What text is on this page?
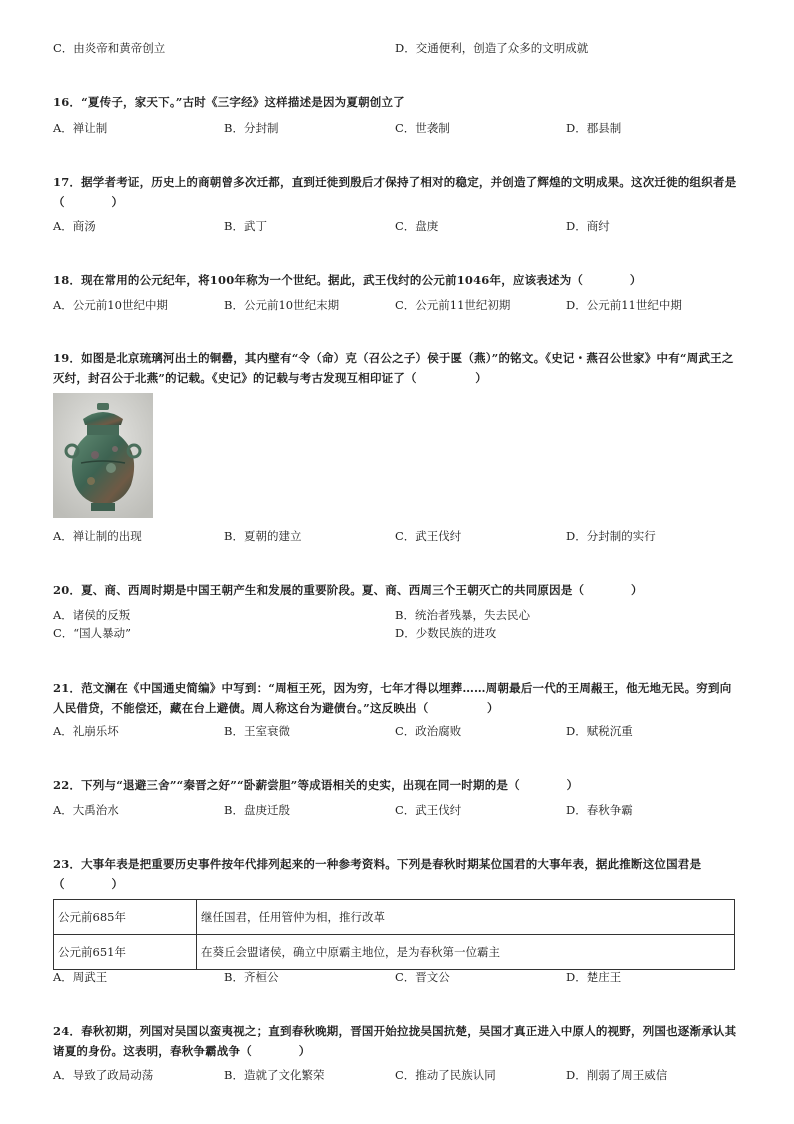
C．由炎帝和黄帝创立	D．交通便利，创造了众多的文明成就
16．“夏传子，家天下。”古时《三字经》这样描述是因为夏朝创立了
A．禅让制	B．分封制	C．世袭制	D．郡县制
17．据学者考证，历史上的商朝曾多次迁都，直到迁徙到殷后才保持了相对的稳定，并创造了辉煌的文明成果。这次迁徙的组织者是（　　　　）
A．商汤	B．武丁	C．盘庚	D．商纣
18．现在常用的公元纪年，将100年称为一个世纪。据此，武王伐纣的公元前1046年，应该表述为（　　　　）
A．公元前10世纪中期	B．公元前10世纪末期	C．公元前11世纪初期	D．公元前11世纪中期
19．如图是北京琉璃河出土的铜罍，其内壁有“令（命）克（召公之子）侯于匽（燕）”的铭文。《史记・燕召公世家》中有“周武王之灭纣，封召公于北燕”的记载。《史记》的记载与考古发现互相印证了（　　　　　）
A．禅让制的出现	B．夏朝的建立	C．武王伐纣	D．分封制的实行
20．夏、商、西周时期是中国王朝产生和发展的重要阶段。夏、商、西周三个王朝灭亡的共同原因是（　　　　）
A．诸侯的反叛	B．统治者残暴，失去民心
C．“国人暴动”	D．少数民族的进攻
21．范文澜在《中国通史简编》中写到：“周桓王死，因为穷，七年才得以埋葬……周朝最后一代的王周赧王，他无地无民。穷到向人民借贷，不能偿还，藏在台上避债。周人称这台为避债台。”这反映出（　　　　　）
A．礼崩乐坏	B．王室衰微	C．政治腐败	D．赋税沉重
22．下列与“退避三舍”“秦晋之好”“卧薪尝胆”等成语相关的史实，出现在同一时期的是（　　　　）
A．大禹治水	B．盘庚迁殷	C．武王伐纣	D．春秋争霸
23．大事年表是把重要历史事件按年代排列起来的一种参考资料。下列是春秋时期某位国君的大事年表，据此推断这位国君是（　　　　）
公元前685年	继任国君，任用管仲为相，推行改革
公元前651年	在葵丘会盟诸侯，确立中原霸主地位，是为春秋第一位霸主
A．周武王	B．齐桓公	C．晋文公	D．楚庄王
24．春秋初期，列国对吴国以蛮夷视之；直到春秋晚期，晋国开始拉拢吴国抗楚，吴国才真正进入中原人的视野，列国也逐渐承认其诸夏的身份。这表明，春秋争霸战争（　　　　）
A．导致了政局动荡	B．造就了文化繁荣	C．推动了民族认同	D．削弱了周王威信
